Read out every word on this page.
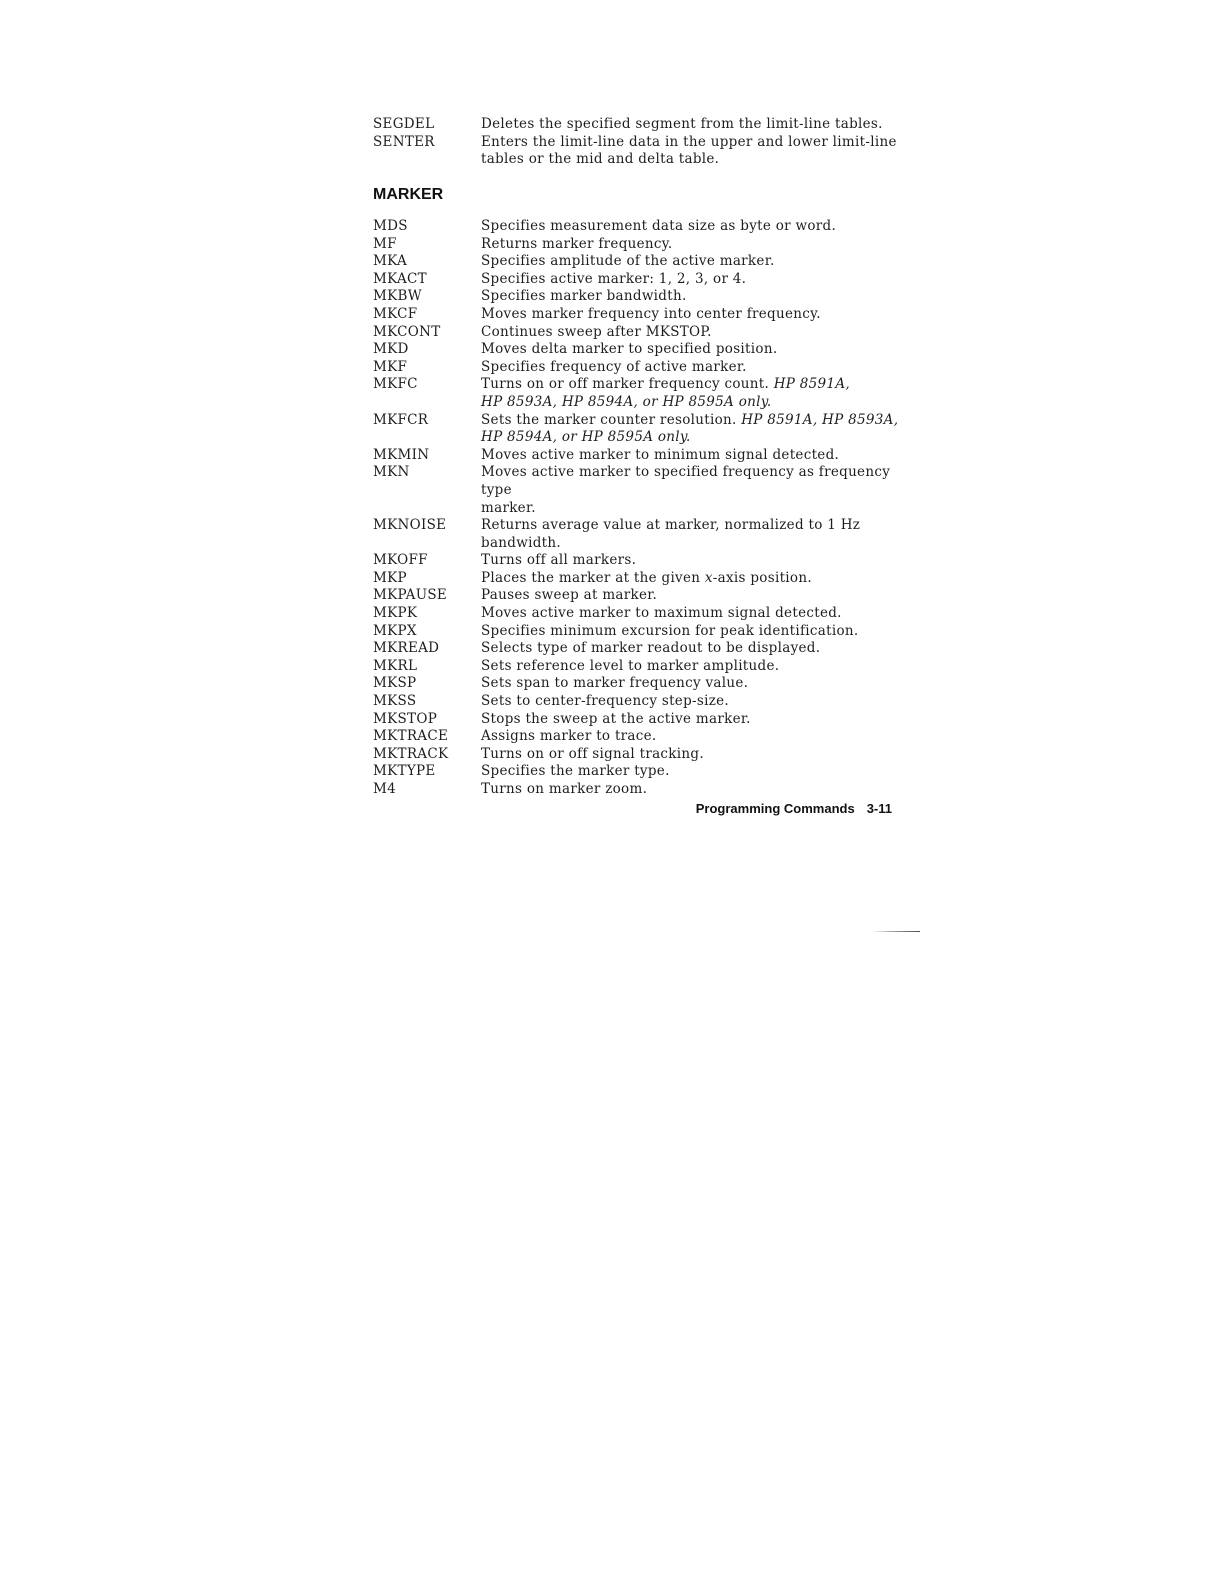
SEGDEL	Deletes the specified segment from the limit-line tables.
SENTER	Enters the limit-line data in the upper and lower limit-line
tables or the mid and delta table.
MARKER
MDS	Specifies measurement data size as byte or word.
MF	Returns marker frequency.
MKA	Specifies amplitude of the active marker.
MKACT	Specifies active marker: 1, 2, 3, or 4.
MKBW	Specifies marker bandwidth.
MKCF	Moves marker frequency into center frequency.
MKCONT	Continues sweep after MKSTOP.
MKD	Moves delta marker to specified position.
MKF	Specifies frequency of active marker.
MKFC	Turns on or off marker frequency count. HP 8591A,
HP 8593A, HP 8594A, or HP 8595A only.
MKFCR	Sets the marker counter resolution. HP 8591A, HP 8593A,
HP 8594A, or HP 8595A only.
MKMIN	Moves active marker to minimum signal detected.
MKN	Moves active marker to specified frequency as frequency type
marker.
MKNOISE	Returns average value at marker, normalized to 1 Hz
bandwidth.
MKOFF	Turns off all markers.
MKP	Places the marker at the given x-axis position.
MKPAUSE	Pauses sweep at marker.
MKPK	Moves active marker to maximum signal detected.
MKPX	Specifies minimum excursion for peak identification.
MKREAD	Selects type of marker readout to be displayed.
MKRL	Sets reference level to marker amplitude.
MKSP	Sets span to marker frequency value.
MKSS	Sets to center-frequency step-size.
MKSTOP	Stops the sweep at the active marker.
MKTRACE	Assigns marker to trace.
MKTRACK	Turns on or off signal tracking.
MKTYPE	Specifies the marker type.
M4	Turns on marker zoom.
Programming Commands 3-11
